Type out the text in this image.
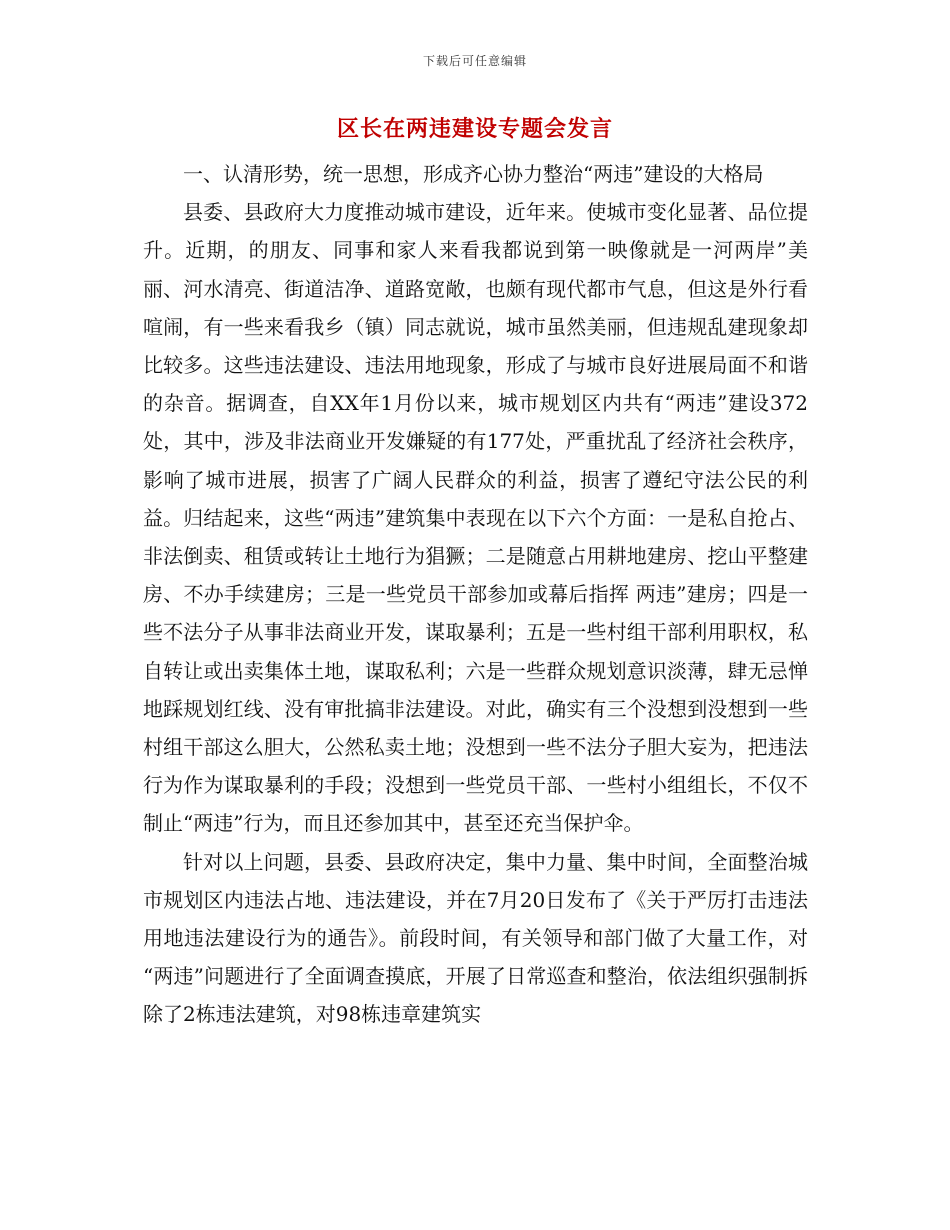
下载后可任意编辑
区长在两违建设专题会发言

一、认清形势，统一思想，形成齐心协力整治“两违”建设的大格局

县委、县政府大力度推动城市建设，近年来。使城市变化显著、品位提升。近期，的朋友、同事和家人来看我都说到第一映像就是一河两岸”美丽、河水清亮、街道洁净、道路宽敞，也颇有现代都市气息，但这是外行看喧闹，有一些来看我乡（镇）同志就说，城市虽然美丽，但违规乱建现象却比较多。这些违法建设、违法用地现象，形成了与城市良好进展局面不和谐的杂音。据调查，自XX年1月份以来，城市规划区内共有“两违”建设372处，其中，涉及非法商业开发嫌疑的有177处，严重扰乱了经济社会秩序，影响了城市进展，损害了广阔人民群众的利益，损害了遵纪守法公民的利益。归结起来，这些“两违”建筑集中表现在以下六个方面：一是私自抢占、非法倒卖、租赁或转让土地行为猖獗；二是随意占用耕地建房、挖山平整建房、不办手续建房；三是一些党员干部参加或幕后指挥 两违”建房；四是一些不法分子从事非法商业开发，谋取暴利；五是一些村组干部利用职权，私自转让或出卖集体土地，谋取私利；六是一些群众规划意识淡薄，肆无忌惮地踩规划红线、没有审批搞非法建设。对此，确实有三个没想到没想到一些村组干部这么胆大，公然私卖土地；没想到一些不法分子胆大妄为，把违法行为作为谋取暴利的手段；没想到一些党员干部、一些村小组组长，不仅不制止“两违”行为，而且还参加其中，甚至还充当保护伞。

针对以上问题，县委、县政府决定，集中力量、集中时间，全面整治城市规划区内违法占地、违法建设，并在7月20日发布了《关于严厉打击违法用地违法建设行为的通告》。前段时间，有关领导和部门做了大量工作，对 “两违”问题进行了全面调查摸底，开展了日常巡查和整治，依法组织强制拆除了2栋违法建筑，对98栋违章建筑实
